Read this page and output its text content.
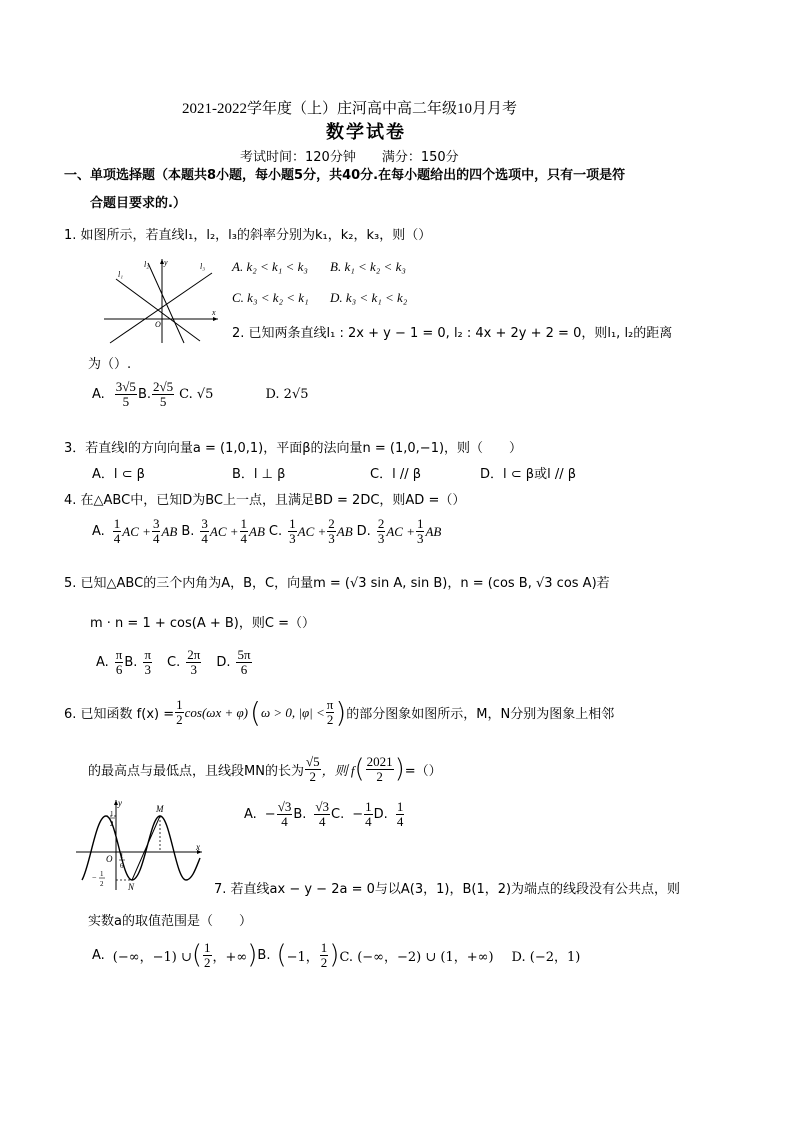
2021-2022学年度（上）庄河高中高二年级10月月考
数学试卷
考试时间：120分钟　　满分：150分
一、单项选择题（本题共8小题，每小题5分，共40分.在每小题给出的四个选项中，只有一项是符
合题目要求的.）
1. 如图所示，若直线l₁，l₂，l₃的斜率分别为k₁，k₂，k₃，则（）
l₁
l₂	l₃
y
x
O
A. k₂ < k₁ < k₃ B. k₁ < k₂ < k₃
C. k₃ < k₂ < k₁ D. k₃ < k₁ < k₂
2. 已知两条直线l₁ : 2x + y − 1 = 0, l₂ : 4x + 2y + 2 = 0，则l₁, l₂的距离
为（）.
A. $\frac{3√5}{5} B$. $\frac{2√5}{5} C$. √5	D. 2√5
3．若直线l的方向向量a = (1,0,1)，平面β的法向量n = (1,0,−1)，则（　　）
A．l ⊂ β	B．l ⊥ β	C．l // β	D．l ⊂ β或l // β
4. 在△ABC中，已知D为BC上一点，且满足BD = 2DC，则AD =（）
A. $\frac{1}{4}$ AC + $\frac{3}{4}$ AB B. $\frac{3}{4}$ AC + $\frac{1}{4}$ AB C. $\frac{1}{3}$ AC + $\frac{2}{3}$ AB D. $\frac{2}{3}$ AC + $\frac{1}{3}$ AB
5. 已知△ABC的三个内角为A，B，C，向量m = (√3 sin A, sin B)，n = (cos B, √3 cos A)若
m · n = 1 + cos(A + B)，则C =（）
A. $\frac{\pi}{6} B$. $\frac{\pi}{3} C$. $\frac{2\pi}{3} D$. $\frac{5\pi}{6}$
6. 已知函数 $f(x) = \frac{1}{2} \cos(\omega x + \varphi)$ ( ω > 0, $|\varphi| < \frac{\pi}{2}$ ) 的部分图象如图所示，M，N分别为图象上相邻
的最高点与最低点，且线段MN的长为 $\frac{√5}{2}$ ，则 f ( $\frac{2021}{2}$ ) =（）
y
x
O
M
N
1
2
− 1
2
1
6
A. − $\frac{√3}{4} B$. $\frac{√3}{4} C$. − $\frac{1}{4} D$. $\frac{1}{4}$
7. 若直线ax − y − 2a = 0与以A(3，1)，B(1，2)为端点的线段没有公共点，则
实数a的取值范围是（　　）
A. (−∞，−1) ∪ ( $\frac{1}{2}$ ，+∞ ) B. ( −1， $\frac{1}{2}$ ) C. (−∞，−2) ∪ (1，+∞) D. (−2，1)
